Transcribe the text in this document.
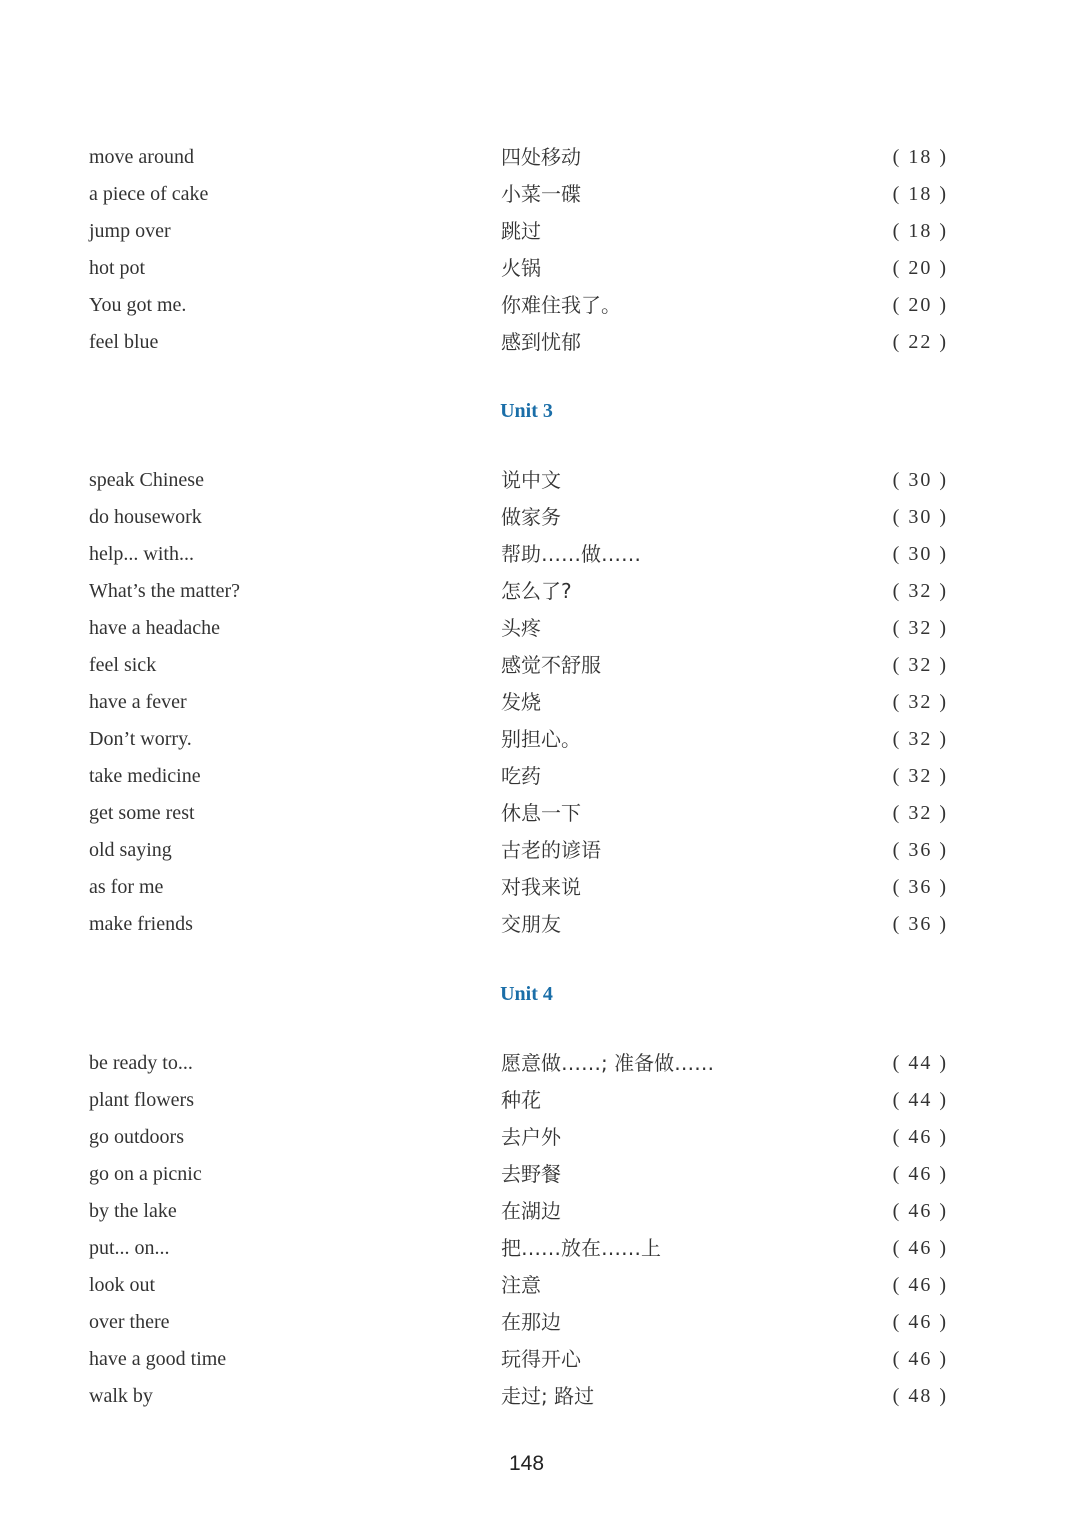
move around	四处移动	( 18 )
a piece of cake	小菜一碟	( 18 )
jump over	跳过	( 18 )
hot pot	火锅	( 20 )
You got me.	你难住我了。	( 20 )
feel blue	感到忧郁	( 22 )
Unit 3
speak Chinese	说中文	( 30 )
do housework	做家务	( 30 )
help... with...	帮助……做……	( 30 )
What’s the matter?	怎么了?	( 32 )
have a headache	头疼	( 32 )
feel sick	感觉不舒服	( 32 )
have a fever	发烧	( 32 )
Don’t worry.	别担心。	( 32 )
take medicine	吃药	( 32 )
get some rest	休息一下	( 32 )
old saying	古老的谚语	( 36 )
as for me	对我来说	( 36 )
make friends	交朋友	( 36 )
Unit 4
be ready to...	愿意做……; 准备做……	( 44 )
plant flowers	种花	( 44 )
go outdoors	去户外	( 46 )
go on a picnic	去野餐	( 46 )
by the lake	在湖边	( 46 )
put... on...	把……放在……上	( 46 )
look out	注意	( 46 )
over there	在那边	( 46 )
have a good time	玩得开心	( 46 )
walk by	走过; 路过	( 48 )
148
